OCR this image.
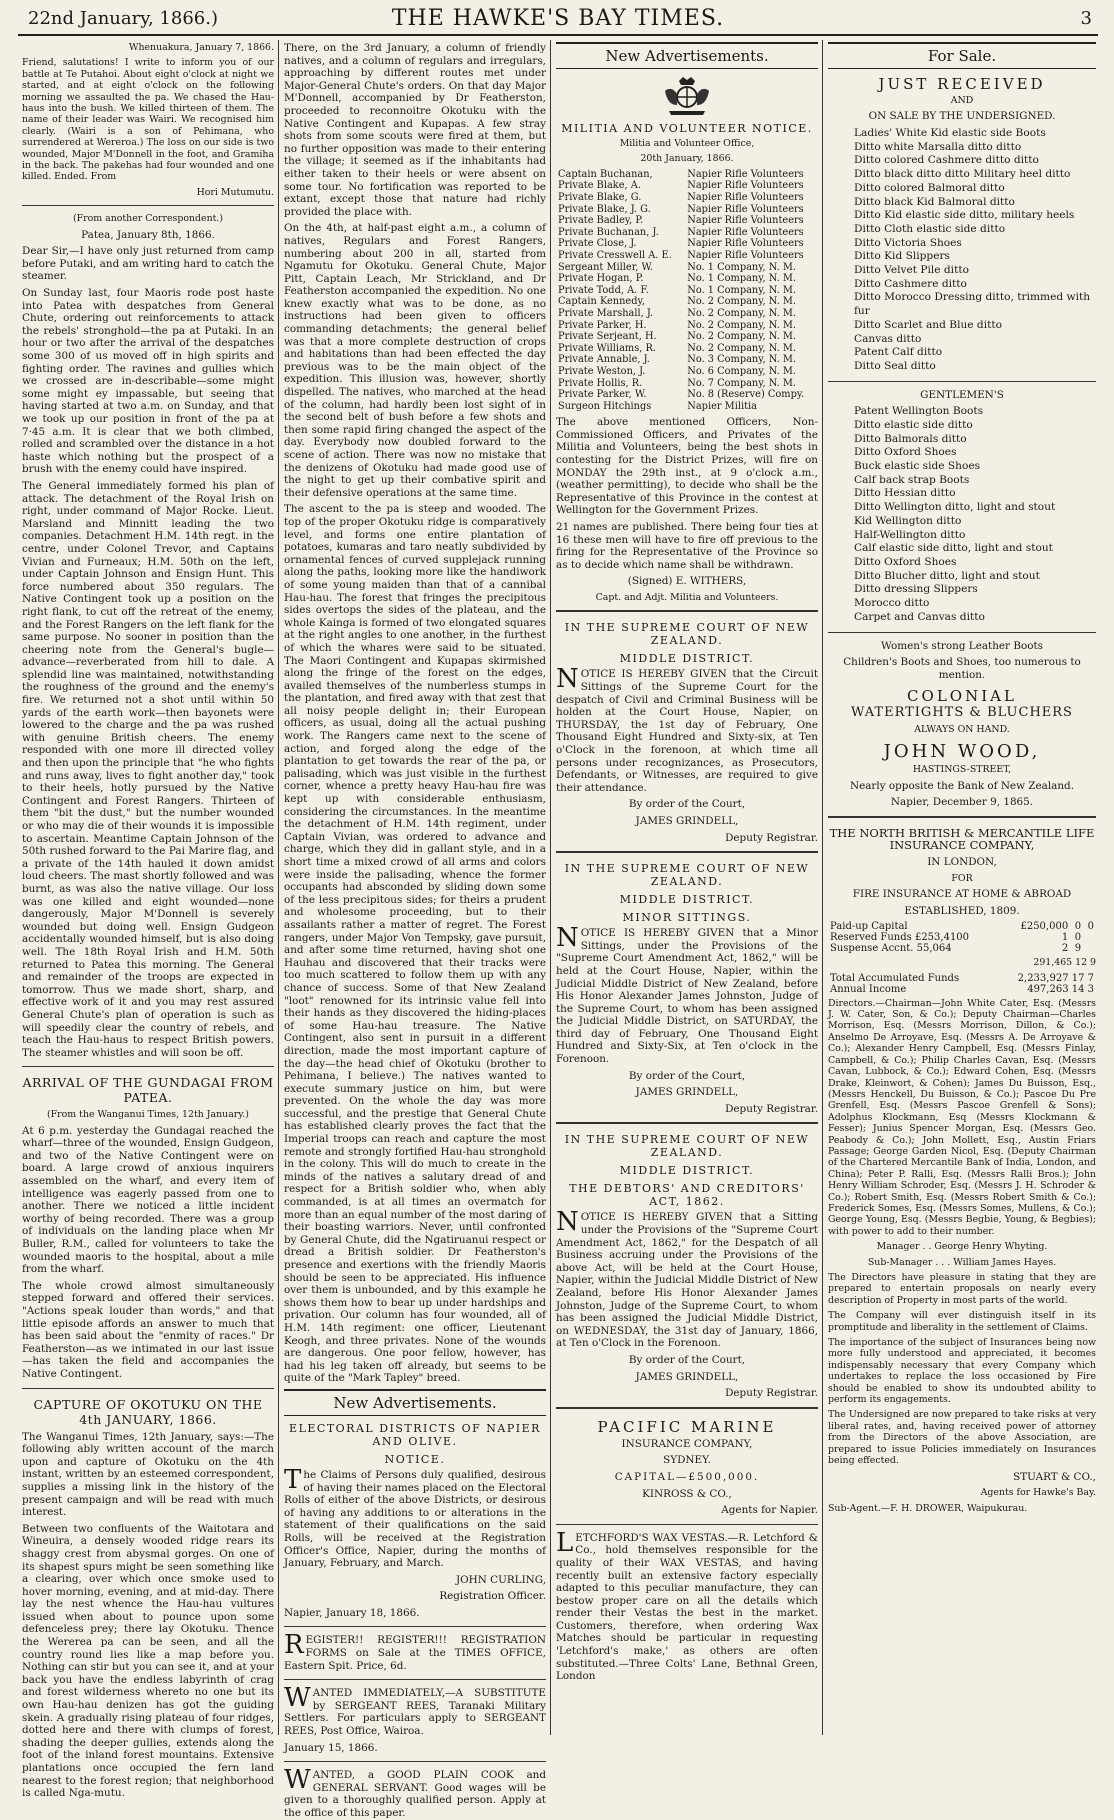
22nd January, 1866.)	THE HAWKE'S BAY TIMES.	3

Whenuakura, January 7, 1866.

Friend, salutations! I write to inform you of our battle at Te Putahoi. About eight o'clock at night we started, and at eight o'clock on the following morning we assaulted the pa. We chased the Hau-haus into the bush. We killed thirteen of them. The name of their leader was Wairi. We recognised him clearly. (Wairi is a son of Pehimana, who surrendered at Wereroa.) The loss on our side is two wounded, Major M'Donnell in the foot, and Gramiha in the back. The pakehas had four wounded and one killed. Ended. From

Hori Mutumutu.

(From another Correspondent.)

Patea, January 8th, 1866.

Dear Sir,—I have only just returned from camp before Putaki, and am writing hard to catch the steamer.

On Sunday last, four Maoris rode post haste into Patea with despatches from General Chute, ordering out reinforcements to attack the rebels' stronghold—the pa at Putaki. In an hour or two after the arrival of the despatches some 300 of us moved off in high spirits and fighting order. The ravines and gullies which we crossed are in-describable—some might some might ey impassable, but seeing that having started at two a.m. on Sunday, and that we took up our position in front of the pa at 7·45 a.m. It is clear that we both climbed, rolled and scrambled over the distance in a hot haste which nothing but the prospect of a brush with the enemy could have inspired.

The General immediately formed his plan of attack. The detachment of the Royal Irish on right, under command of Major Rocke. Lieut. Marsland and Minnitt leading the two companies. Detachment H.M. 14th regt. in the centre, under Colonel Trevor, and Captains Vivian and Furneaux; H.M. 50th on the left, under Captain Johnson and Ensign Hunt. This force numbered about 350 regulars. The Native Contingent took up a position on the right flank, to cut off the retreat of the enemy, and the Forest Rangers on the left flank for the same purpose. No sooner in position than the cheering note from the General's bugle—advance—reverberated from hill to dale. A splendid line was maintained, notwithstanding the roughness of the ground and the enemy's fire. We returned not a shot until within 50 yards of the earth work—then bayonets were lowered to the charge and the pa was rushed with genuine British cheers. The enemy responded with one more ill directed volley and then upon the principle that "he who fights and runs away, lives to fight another day," took to their heels, hotly pursued by the Native Contingent and Forest Rangers. Thirteen of them "bit the dust," but the number wounded or who may die of their wounds it is impossible to ascertain. Meantime Captain Johnson of the 50th rushed forward to the Pai Marire flag, and a private of the 14th hauled it down amidst loud cheers. The mast shortly followed and was burnt, as was also the native village. Our loss was one killed and eight wounded—none dangerously, Major M'Donnell is severely wounded but doing well. Ensign Gudgeon accidentally wounded himself, but is also doing well. The 18th Royal Irish and H.M. 50th returned to Patea this morning. The General and remainder of the troops are expected in tomorrow. Thus we made short, sharp, and effective work of it and you may rest assured General Chute's plan of operation is such as will speedily clear the country of rebels, and teach the Hau-haus to respect British powers. The steamer whistles and will soon be off.

ARRIVAL OF THE GUNDAGAI FROM PATEA.

(From the Wanganui Times, 12th January.)

At 6 p.m. yesterday the Gundagai reached the wharf—three of the wounded, Ensign Gudgeon, and two of the Native Contingent were on board. A large crowd of anxious inquirers assembled on the wharf, and every item of intelligence was eagerly passed from one to another. There we noticed a little incident worthy of being recorded. There was a group of individuals on the landing place when Mr Buller, R.M., called for volunteers to take the wounded maoris to the hospital, about a mile from the wharf.

The whole crowd almost simultaneously stepped forward and offered their services. "Actions speak louder than words," and that little episode affords an answer to much that has been said about the "enmity of races." Dr Featherston—as we intimated in our last issue—has taken the field and accompanies the Native Contingent.

CAPTURE OF OKOTUKU ON THE 4th JANUARY, 1866.

The Wanganui Times, 12th January, says:—The following ably written account of the march upon and capture of Okotuku on the 4th instant, written by an esteemed correspondent, supplies a missing link in the history of the present campaign and will be read with much interest.

Between two confluents of the Waitotara and Wineuira, a densely wooded ridge rears its shaggy crest from abysmal gorges. On one of its shapest spurs might be seen something like a clearing, over which once smoke used to hover morning, evening, and at mid-day. There lay the nest whence the Hau-hau vultures issued when about to pounce upon some defenceless prey; there lay Okotuku. Thence the Wererea pa can be seen, and all the country round lies like a map before you. Nothing can stir but you can see it, and at your back you have the endless labyrinth of crag and forest wilderness whereto no one but its own Hau-hau denizen has got the guiding skein. A gradually rising plateau of four ridges, dotted here and there with clumps of forest, shading the deeper gullies, extends along the foot of the inland forest mountains. Extensive plantations once occupied the fern land nearest to the forest region; that neighborhood is called Nga-mutu.

There, on the 3rd January, a column of friendly natives, and a column of regulars and irregulars, approaching by different routes met under Major-General Chute's orders. On that day Major M'Donnell, accompanied by Dr Featherston, proceeded to reconnoitre Okotuku with the Native Contingent and Kupapas. A few stray shots from some scouts were fired at them, but no further opposition was made to their entering the village; it seemed as if the inhabitants had either taken to their heels or were absent on some tour. No fortification was reported to be extant, except those that nature had richly provided the place with.

On the 4th, at half-past eight a.m., a column of natives, Regulars and Forest Rangers, numbering about 200 in all, started from Ngamutu for Okotuku. General Chute, Major Pitt, Captain Leach, Mr Strickland, and Dr Featherston accompanied the expedition. No one knew exactly what was to be done, as no instructions had been given to officers commanding detachments; the general belief was that a more complete destruction of crops and habitations than had been effected the day previous was to be the main object of the expedition. This illusion was, however, shortly dispelled. The natives, who marched at the head of the column, had hardly been lost sight of in the second belt of bush before a few shots and then some rapid firing changed the aspect of the day. Everybody now doubled forward to the scene of action. There was now no mistake that the denizens of Okotuku had made good use of the night to get up their combative spirit and their defensive operations at the same time.

The ascent to the pa is steep and wooded. The top of the proper Okotuku ridge is comparatively level, and forms one entire plantation of potatoes, kumaras and taro neatly subdivided by ornamental fences of curved supplejack running along the paths, looking more like the handiwork of some young maiden than that of a cannibal Hau-hau. The forest that fringes the precipitous sides overtops the sides of the plateau, and the whole Kainga is formed of two elongated squares at the right angles to one another, in the furthest of which the whares were said to be situated. The Maori Contingent and Kupapas skirmished along the fringe of the forest on the edges, availed themselves of the numberless stumps in the plantation, and fired away with that zest that all noisy people delight in; their European officers, as usual, doing all the actual pushing work. The Rangers came next to the scene of action, and forged along the edge of the plantation to get towards the rear of the pa, or palisading, which was just visible in the furthest corner, whence a pretty heavy Hau-hau fire was kept up with considerable enthusiasm, considering the circumstances. In the meantime the detachment of H.M. 14th regiment, under Captain Vivian, was ordered to advance and charge, which they did in gallant style, and in a short time a mixed crowd of all arms and colors were inside the palisading, whence the former occupants had absconded by sliding down some of the less precipitous sides; for theirs a prudent and wholesome proceeding, but to their assailants rather a matter of regret. The Forest rangers, under Major Von Tempsky, gave pursuit, and after some time returned, having shot one Hauhau and discovered that their tracks were too much scattered to follow them up with any chance of success. Some of that New Zealand "loot" renowned for its intrinsic value fell into their hands as they discovered the hiding-places of some Hau-hau treasure. The Native Contingent, also sent in pursuit in a different direction, made the most important capture of the day—the head chief of Okotuku (brother to Pehimana, I believe.) The natives wanted to execute summary justice on him, but were prevented. On the whole the day was more successful, and the prestige that General Chute has established clearly proves the fact that the Imperial troops can reach and capture the most remote and strongly fortified Hau-hau stronghold in the colony. This will do much to create in the minds of the natives a salutary dread of and respect for a British soldier who, when ably commanded, is at all times an overmatch for more than an equal number of the most daring of their boasting warriors. Never, until confronted by General Chute, did the Ngatiruanui respect or dread a British soldier. Dr Featherston's presence and exertions with the friendly Maoris should be seen to be appreciated. His influence over them is unbounded, and by this example he shows them how to bear up under hardships and privation. Our column has four wounded, all of H.M. 14th regiment: one officer, Lieutenant Keogh, and three privates. None of the wounds are dangerous. One poor fellow, however, has had his leg taken off already, but seems to be quite of the "Mark Tapley" breed.

New Advertisements.
ELECTORAL DISTRICTS OF NAPIER AND OLIVE.
NOTICE.

The Claims of Persons duly qualified, desirous of having their names placed on the Electoral Rolls of either of the above Districts, or desirous of having any additions to or alterations in the statement of their qualifications on the said Rolls, will be received at the Registration Officer's Office, Napier, during the months of January, February, and March.

JOHN CURLING,

Registration Officer.

Napier, January 18, 1866.

REGISTER!! REGISTER!!! REGISTRATION FORMS on Sale at the TIMES OFFICE, Eastern Spit. Price, 6d.

WANTED IMMEDIATELY,—A SUBSTITUTE by SERGEANT REES, Taranaki Military Settlers. For particulars apply to SERGEANT REES, Post Office, Wairoa.

January 15, 1866.

WANTED, a GOOD PLAIN COOK and GENERAL SERVANT. Good wages will be given to a thoroughly qualified person. Apply at the office of this paper.

New Advertisements.
MILITIA AND VOLUNTEER NOTICE.

Militia and Volunteer Office,

20th January, 1866.

Captain Buchanan,	Napier Rifle Volunteers
Private Blake, A.	Napier Rifle Volunteers
Private Blake, G.	Napier Rifle Volunteers
Private Blake, J. G.	Napier Rifle Volunteers
Private Badley, P.	Napier Rifle Volunteers
Private Buchanan, J.	Napier Rifle Volunteers
Private Close, J.	Napier Rifle Volunteers
Private Cresswell A. E.	Napier Rifle Volunteers
Sergeant Miller, W.	No. 1 Company, N. M.
Private Hogan, P.	No. 1 Company, N. M.
Private Todd, A. F.	No. 1 Company, N. M.
Captain Kennedy,	No. 2 Company, N. M.
Private Marshall, J.	No. 2 Company, N. M.
Private Parker, H.	No. 2 Company, N. M.
Private Serjeant, H.	No. 2 Company, N. M.
Private Williams, R.	No. 2 Company, N. M.
Private Annable, J.	No. 3 Company, N. M.
Private Weston, J.	No. 6 Company, N. M.
Private Hollis, R.	No. 7 Company, N. M.
Private Parker, W.	No. 8 (Reserve) Compy.
Surgeon Hitchings	Napier Militia

The above mentioned Officers, Non-Commissioned Officers, and Privates of the Militia and Volunteers, being the best shots in contesting for the District Prizes, will fire on MONDAY the 29th inst., at 9 o'clock a.m., (weather permitting), to decide who shall be the Representative of this Province in the contest at Wellington for the Government Prizes.

21 names are published. There being four ties at 16 these men will have to fire off previous to the firing for the Representative of the Province so as to decide which name shall be withdrawn.

(Signed) E. WITHERS,

Capt. and Adjt. Militia and Volunteers.

IN THE SUPREME COURT OF NEW ZEALAND.
MIDDLE DISTRICT.

NOTICE IS HEREBY GIVEN that the Circuit Sittings of the Supreme Court for the despatch of Civil and Criminal Business will be holden at the Court House, Napier, on THURSDAY, the 1st day of February, One Thousand Eight Hundred and Sixty-six, at Ten o'Clock in the forenoon, at which time all persons under recognizances, as Prosecutors, Defendants, or Witnesses, are required to give their attendance.

By order of the Court,

JAMES GRINDELL,

Deputy Registrar.

IN THE SUPREME COURT OF NEW ZEALAND.
MIDDLE DISTRICT.
MINOR SITTINGS.

NOTICE IS HEREBY GIVEN that a Minor Sittings, under the Provisions of the "Supreme Court Amendment Act, 1862," will be held at the Court House, Napier, within the Judicial Middle District of New Zealand, before His Honor Alexander James Johnston, Judge of the Supreme Court, to whom has been assigned the Judicial Middle District, on SATURDAY, the third day of February, One Thousand Eight Hundred and Sixty-Six, at Ten o'clock in the Forenoon.

By order of the Court,

JAMES GRINDELL,

Deputy Registrar.

IN THE SUPREME COURT OF NEW ZEALAND.
MIDDLE DISTRICT.
THE DEBTORS' AND CREDITORS' ACT, 1862.

NOTICE IS HEREBY GIVEN that a Sitting under the Provisions of the "Supreme Court Amendment Act, 1862," for the Despatch of all Business accruing under the Provisions of the above Act, will be held at the Court House, Napier, within the Judicial Middle District of New Zealand, before His Honor Alexander James Johnston, Judge of the Supreme Court, to whom has been assigned the Judicial Middle District, on WEDNESDAY, the 31st day of January, 1866, at Ten o'Clock in the Forenoon.

By order of the Court,

JAMES GRINDELL,

Deputy Registrar.

PACIFIC MARINE

INSURANCE COMPANY,

SYDNEY.

CAPITAL—£500,000.

KINROSS & CO.,

Agents for Napier.

LETCHFORD'S WAX VESTAS.—R. Letchford & Co., hold themselves responsible for the quality of their WAX VESTAS, and having recently built an extensive factory especially adapted to this peculiar manufacture, they can bestow proper care on all the details which render their Vestas the best in the market. Customers, therefore, when ordering Wax Matches should be particular in requesting 'Letchford's make,' as others are often substituted.—Three Colts' Lane, Bethnal Green, London

For Sale.
JUST RECEIVED

AND

ON SALE BY THE UNDERSIGNED.

Ladies' White Kid elastic side Boots
Ditto white Marsalla ditto ditto
Ditto colored Cashmere ditto ditto
Ditto black ditto ditto Military heel ditto
Ditto colored Balmoral ditto
Ditto black Kid Balmoral ditto
Ditto Kid elastic side ditto, military heels
Ditto Cloth elastic side ditto
Ditto Victoria Shoes
Ditto Kid Slippers
Ditto Velvet Pile ditto
Ditto Cashmere ditto
Ditto Morocco Dressing ditto, trimmed with fur
Ditto Scarlet and Blue ditto
Canvas ditto
Patent Calf ditto
Ditto Seal ditto

GENTLEMEN'S

Patent Wellington Boots
Ditto elastic side ditto
Ditto Balmorals ditto
Ditto Oxford Shoes
Buck elastic side Shoes
Calf back strap Boots
Ditto Hessian ditto
Ditto Wellington ditto, light and stout
Kid Wellington ditto
Half-Wellington ditto
Calf elastic side ditto, light and stout
Ditto Oxford Shoes
Ditto Blucher ditto, light and stout
Ditto dressing Slippers
Morocco ditto
Carpet and Canvas ditto

Women's strong Leather Boots

Children's Boots and Shoes, too numerous to mention.

COLONIAL

WATERTIGHTS & BLUCHERS

ALWAYS ON HAND.

JOHN WOOD,

HASTINGS-STREET,

Nearly opposite the Bank of New Zealand.

Napier, December 9, 1865.

THE NORTH BRITISH & MERCANTILE LIFE INSURANCE COMPANY,

IN LONDON,

FOR

FIRE INSURANCE AT HOME & ABROAD

ESTABLISHED, 1809.

Paid-up Capital	£250,000	0	0
Reserved Funds £253,4100	1	0	
Suspense Accnt. 55,064	2	9	

291,465 12 9

Total Accumulated Funds	2,233,927 17 7
Annual Income	497,263 14 3

Directors.—Chairman—John White Cater, Esq. (Messrs J. W. Cater, Son, & Co.); Deputy Chairman—Charles Morrison, Esq. (Messrs Morrison, Dillon, & Co.); Anselmo De Arroyave, Esq. (Messrs A. De Arroyave & Co.); Alexander Henry Campbell, Esq. (Messrs Finlay, Campbell, & Co.); Philip Charles Cavan, Esq. (Messrs Cavan, Lubbock, & Co.); Edward Cohen, Esq. (Messrs Drake, Kleinwort, & Cohen); James Du Buisson, Esq., (Messrs Henckell, Du Buisson, & Co.); Pascoe Du Pre Grenfell, Esq. (Messrs Pascoe Grenfell & Sons); Adolphus Klockmann, Esq (Messrs Klockmann & Fesser); Junius Spencer Morgan, Esq. (Messrs Geo. Peabody & Co.); John Mollett, Esq., Austin Friars Passage; George Garden Nicol, Esq. (Deputy Chairman of the Chartered Mercantile Bank of India, London, and China); Peter P. Ralli, Esq. (Messrs Ralli Bros.); John Henry William Schroder, Esq. (Messrs J. H. Schroder & Co.); Robert Smith, Esq. (Messrs Robert Smith & Co.); Frederick Somes, Esq. (Messrs Somes, Mullens, & Co.); George Young, Esq. (Messrs Begbie, Young, & Begbies); with power to add to their number.

Manager . . George Henry Whyting.

Sub-Manager . . . William James Hayes.

The Directors have pleasure in stating that they are prepared to entertain proposals on nearly every description of Property in most parts of the world.

The Company will ever distinguish itself in its promptitude and liberality in the settlement of Claims.

The importance of the subject of Insurances being now more fully understood and appreciated, it becomes indispensably necessary that every Company which undertakes to replace the loss occasioned by Fire should be enabled to show its undoubted ability to perform its engagements.

The Undersigned are now prepared to take risks at very liberal rates, and, having received power of attorney from the Directors of the above Association, are prepared to issue Policies immediately on Insurances being effected.

STUART & CO.,

Agents for Hawke's Bay.

Sub-Agent.—F. H. DROWER, Waipukurau.
